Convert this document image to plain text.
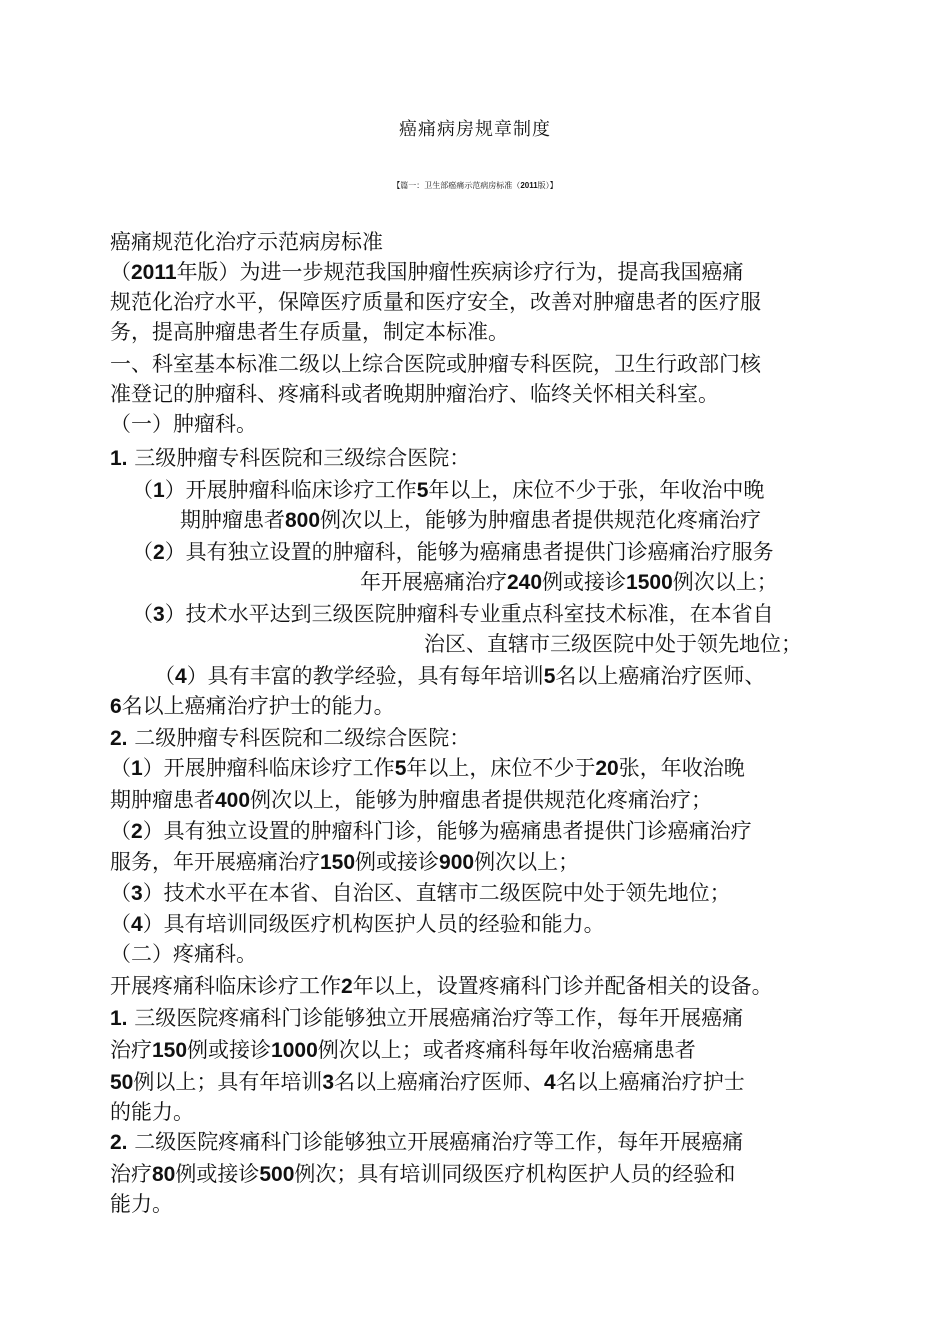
癌痛病房规章制度
【篇一：卫生部癌痛示范病房标准（2011版）】
癌痛规范化治疗示范病房标准
（2011年版）为进一步规范我国肿瘤性疾病诊疗行为，提高我国癌痛
规范化治疗水平，保障医疗质量和医疗安全，改善对肿瘤患者的医疗服
务，提高肿瘤患者生存质量，制定本标准。
一、科室基本标准二级以上综合医院或肿瘤专科医院，卫生行政部门核
准登记的肿瘤科、疼痛科或者晚期肿瘤治疗、临终关怀相关科室。
（一）肿瘤科。
1. 三级肿瘤专科医院和三级综合医院：
（1）开展肿瘤科临床诊疗工作5年以上，床位不少于张，年收治中晚
期肿瘤患者800例次以上，能够为肿瘤患者提供规范化疼痛治疗
（2）具有独立设置的肿瘤科，能够为癌痛患者提供门诊癌痛治疗服务
年开展癌痛治疗240例或接诊1500例次以上；
（3）技术水平达到三级医院肿瘤科专业重点科室技术标准，在本省自
治区、直辖市三级医院中处于领先地位；
（4）具有丰富的教学经验，具有每年培训5名以上癌痛治疗医师、
6名以上癌痛治疗护士的能力。
2. 二级肿瘤专科医院和二级综合医院：
（1）开展肿瘤科临床诊疗工作5年以上，床位不少于20张，年收治晚
期肿瘤患者400例次以上，能够为肿瘤患者提供规范化疼痛治疗；
（2）具有独立设置的肿瘤科门诊，能够为癌痛患者提供门诊癌痛治疗
服务，年开展癌痛治疗150例或接诊900例次以上；
（3）技术水平在本省、自治区、直辖市二级医院中处于领先地位；
（4）具有培训同级医疗机构医护人员的经验和能力。
（二）疼痛科。
开展疼痛科临床诊疗工作2年以上，设置疼痛科门诊并配备相关的设备。
1. 三级医院疼痛科门诊能够独立开展癌痛治疗等工作，每年开展癌痛
治疗150例或接诊1000例次以上；或者疼痛科每年收治癌痛患者
50例以上；具有年培训3名以上癌痛治疗医师、4名以上癌痛治疗护士
的能力。
2. 二级医院疼痛科门诊能够独立开展癌痛治疗等工作，每年开展癌痛
治疗80例或接诊500例次；具有培训同级医疗机构医护人员的经验和
能力。
